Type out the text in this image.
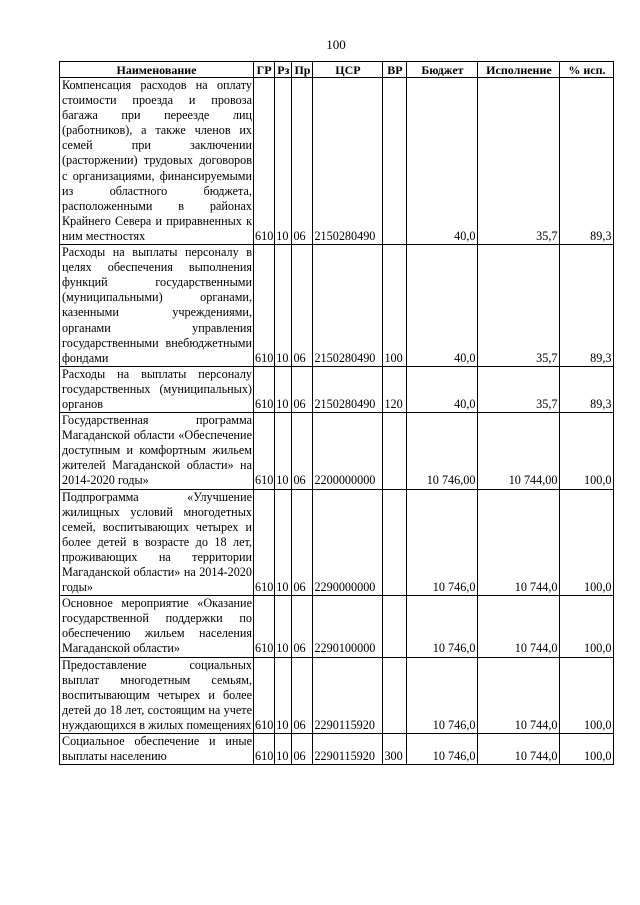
100
Наименование	ГР	Рз	Пр	ЦСР	ВР	Бюджет	Исполнение	% исп.
Компенсация расходов на оплату стоимости проезда и провоза багажа при переезде лиц (работников), а также членов их семей при заключении (расторжении) трудовых договоров с организациями, финансируемыми из областного бюджета, расположенными в районах Крайнего Севера и приравненных к ним местностях	610	10	06	2150280490		40,0	35,7	89,3
Расходы на выплаты персоналу в целях обеспечения выполнения функций государственными (муниципальными) органами, казенными учреждениями, органами управления государственными внебюджетными фондами	610	10	06	2150280490	100	40,0	35,7	89,3
Расходы на выплаты персоналу государственных (муниципальных) органов	610	10	06	2150280490	120	40,0	35,7	89,3
Государственная программа Магаданской области «Обеспечение доступным и комфортным жильем жителей Магаданской области» на 2014-2020 годы»	610	10	06	2200000000		10 746,00	10 744,00	100,0
Подпрограмма «Улучшение жилищных условий многодетных семей, воспитывающих четырех и более детей в возрасте до 18 лет, проживающих на территории Магаданской области» на 2014-2020 годы»	610	10	06	2290000000		10 746,0	10 744,0	100,0
Основное мероприятие «Оказание государственной поддержки по обеспечению жильем населения Магаданской области»	610	10	06	2290100000		10 746,0	10 744,0	100,0
Предоставление социальных выплат многодетным семьям, воспитывающим четырех и более детей до 18 лет, состоящим на учете нуждающихся в жилых помещениях	610	10	06	2290115920		10 746,0	10 744,0	100,0
Социальное обеспечение и иные выплаты населению	610	10	06	2290115920	300	10 746,0	10 744,0	100,0
